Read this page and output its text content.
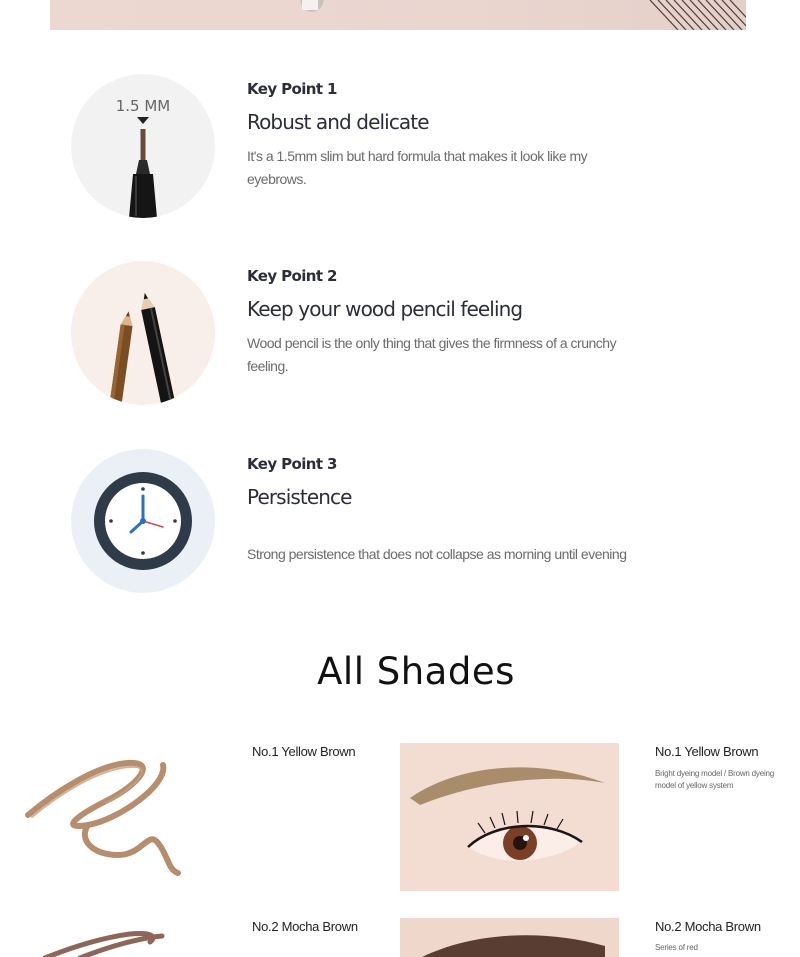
1.5 MM
Key Point 1
Robust and delicate
It's a 1.5mm slim but hard formula that makes it look like my eyebrows.
Key Point 2
Keep your wood pencil feeling
Wood pencil is the only thing that gives the firmness of a crunchy feeling.
Key Point 3
Persistence
Strong persistence that does not collapse as morning until evening
All Shades
No.1 Yellow Brown	No.1 Yellow Brown
Bright dyeing model / Brown dyeing model of yellow system
No.2 Mocha Brown	No.2 Mocha Brown
Series of red
